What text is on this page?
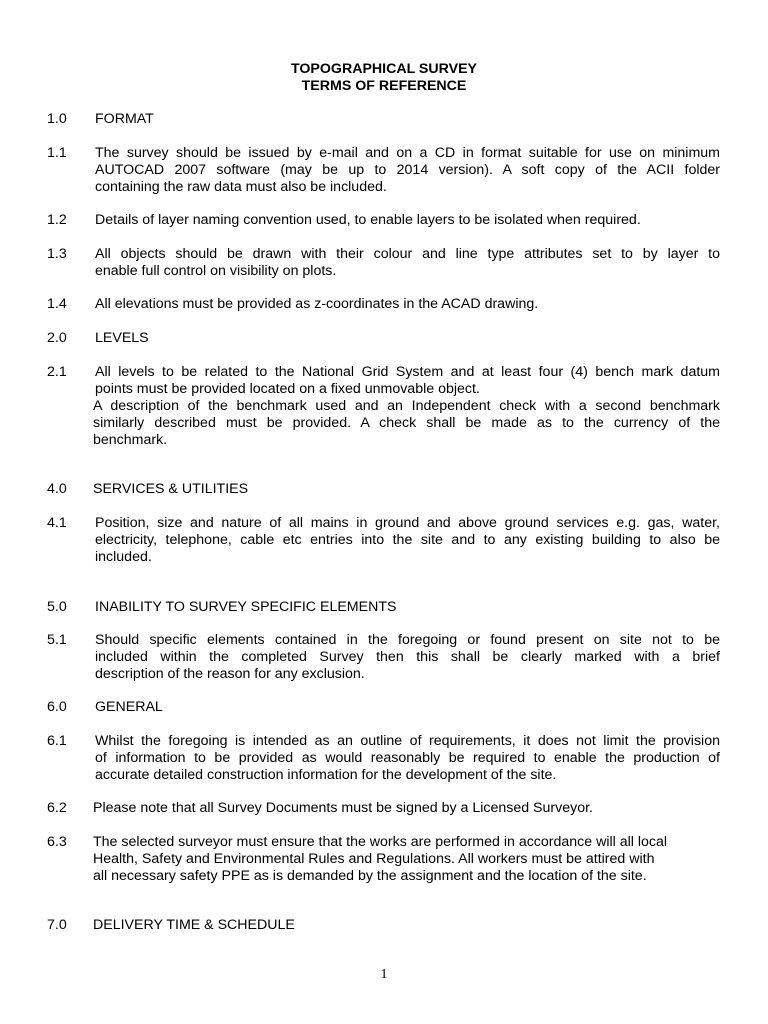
TOPOGRAPHICAL SURVEY
TERMS OF REFERENCE
1.0 FORMAT
1.1 The survey should be issued by e-mail and on a CD in format suitable for use on minimum
AUTOCAD 2007 software (may be up to 2014 version). A soft copy of the ACII folder
containing the raw data must also be included.
1.2 Details of layer naming convention used, to enable layers to be isolated when required.
1.3 All objects should be drawn with their colour and line type attributes set to by layer to
enable full control on visibility on plots.
1.4 All elevations must be provided as z-coordinates in the ACAD drawing.
2.0 LEVELS
2.1 All levels to be related to the National Grid System and at least four (4) bench mark datum
points must be provided located on a fixed unmovable object.
A description of the benchmark used and an Independent check with a second benchmark
similarly described must be provided. A check shall be made as to the currency of the
benchmark.
4.0 SERVICES & UTILITIES
4.1 Position, size and nature of all mains in ground and above ground services e.g. gas, water,
electricity, telephone, cable etc entries into the site and to any existing building to also be
included.
5.0 INABILITY TO SURVEY SPECIFIC ELEMENTS
5.1 Should specific elements contained in the foregoing or found present on site not to be
included within the completed Survey then this shall be clearly marked with a brief
description of the reason for any exclusion.
6.0 GENERAL
6.1 Whilst the foregoing is intended as an outline of requirements, it does not limit the provision
of information to be provided as would reasonably be required to enable the production of
accurate detailed construction information for the development of the site.
6.2 Please note that all Survey Documents must be signed by a Licensed Surveyor.
6.3 The selected surveyor must ensure that the works are performed in accordance will all local
Health, Safety and Environmental Rules and Regulations. All workers must be attired with
all necessary safety PPE as is demanded by the assignment and the location of the site.
7.0 DELIVERY TIME & SCHEDULE
1
